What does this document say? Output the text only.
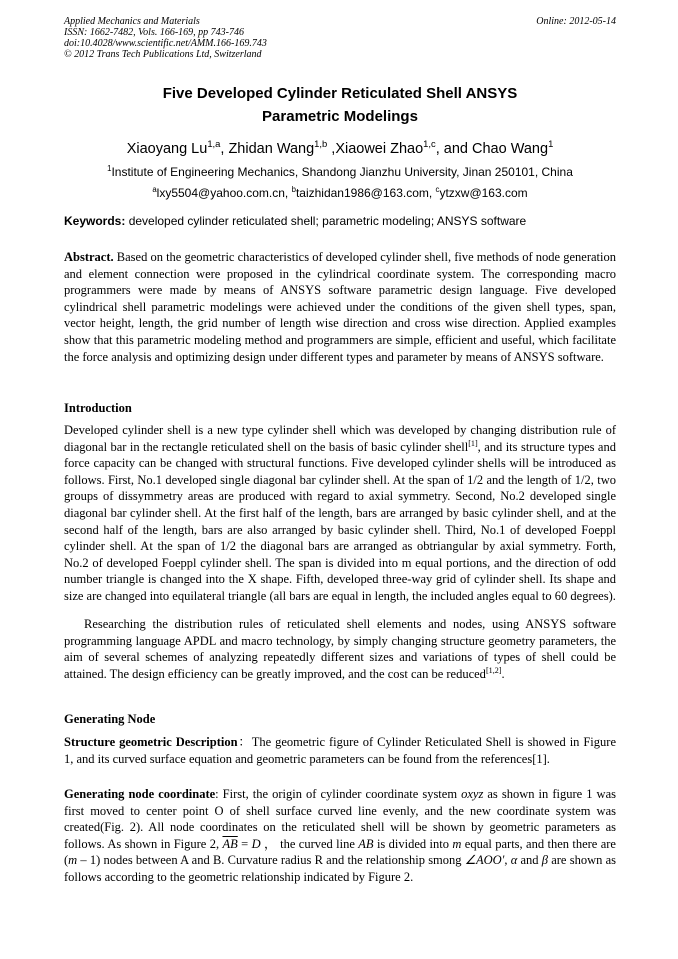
Applied Mechanics and Materials
ISSN: 1662-7482, Vols. 166-169, pp 743-746
doi:10.4028/www.scientific.net/AMM.166-169.743
© 2012 Trans Tech Publications Ltd, Switzerland
Online: 2012-05-14
Five Developed Cylinder Reticulated Shell ANSYS
Parametric Modelings
Xiaoyang Lu$^{1,a}$, Zhidan Wang$^{1,b}$ ,Xiaowei Zhao$^{1,c}$, and Chao Wang$^1$
$^1$Institute of Engineering Mechanics, Shandong Jianzhu University, Jinan 250101, China
$^a$lxy5504@yahoo.com.cn, $^b$taizhidan1986@163.com, $^c$ytzxw@163.com
Keywords: developed cylinder reticulated shell; parametric modeling; ANSYS software
Abstract. Based on the geometric characteristics of developed cylinder shell, five methods of node generation and element connection were proposed in the cylindrical coordinate system. The corresponding macro programmers were made by means of ANSYS software parametric design language. Five developed cylindrical shell parametric modelings were achieved under the conditions of the given shell types, span, vector height, length, the grid number of length wise direction and cross wise direction. Applied examples show that this parametric modeling method and programmers are simple, efficient and useful, which facilitate the force analysis and optimizing design under different types and parameter by means of ANSYS software.
Introduction
Developed cylinder shell is a new type cylinder shell which was developed by changing distribution rule of diagonal bar in the rectangle reticulated shell on the basis of basic cylinder shell[1], and its structure types and force capacity can be changed with structural functions. Five developed cylinder shells will be introduced as follows. First, No.1 developed single diagonal bar cylinder shell. At the span of 1/2 and the length of 1/2, two groups of dissymmetry areas are produced with regard to axial symmetry. Second, No.2 developed single diagonal bar cylinder shell. At the first half of the length, bars are arranged by basic cylinder shell, and at the second half of the length, bars are also arranged by basic cylinder shell. Third, No.1 of developed Foeppl cylinder shell. At the span of 1/2 the diagonal bars are arranged as obtriangular by axial symmetry. Forth, No.2 of developed Foeppl cylinder shell. The span is divided into m equal portions, and the direction of odd number triangle is changed into the X shape. Fifth, developed three-way grid of cylinder shell. Its shape and size are changed into equilateral triangle (all bars are equal in length, the included angles equal to 60 degrees).
Researching the distribution rules of reticulated shell elements and nodes, using ANSYS software programming language APDL and macro technology, by simply changing structure geometry parameters, the aim of several schemes of analyzing repeatedly different sizes and variations of types of shell could be attained. The design efficiency can be greatly improved, and the cost can be reduced[1,2].
Generating Node
Structure geometric Description：The geometric figure of Cylinder Reticulated Shell is showed in Figure 1, and its curved surface equation and geometric parameters can be found from the references[1].
Generating node coordinate: First, the origin of cylinder coordinate system oxyz as shown in figure 1 was first moved to center point O of shell surface curved line evenly, and the new coordinate system was created(Fig. 2). All node coordinates on the reticulated shell will be shown by geometric parameters as follows. As shown in Figure 2, $\overline{AB} = D$ ， the curved line AB is divided into m equal parts, and then there are (m – 1) nodes between A and B. Curvature radius R and the relationship smong ∠AOO', α and β are shown as follows according to the geometric relationship indicated by Figure 2.
